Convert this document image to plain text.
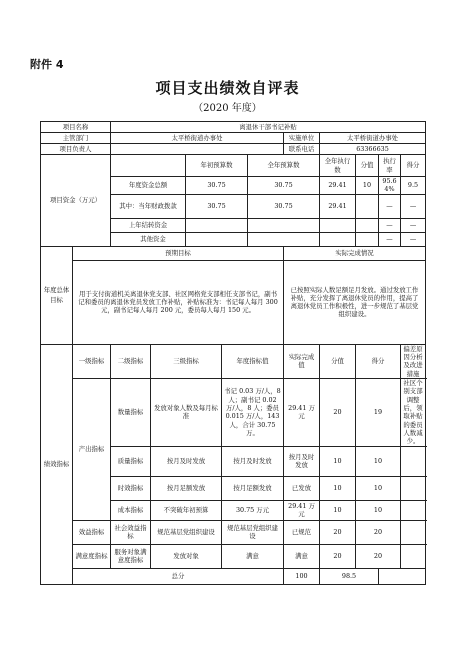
附件 4
项目支出绩效自评表
（2020 年度）
项目名称		离退休干部书记补贴									
主管部门		太平桥街道办事处					实施单位	太平桥街道办事处			
项目负责人							联系电话	63366635			
项目资金（万元）				年初预算数		全年预算数		全年执行数	分值	执行率	得分
		年度资金总额		30.75		30.75		29.41	10	95.64%	9.5
		其中：当年财政拨款		30.75		30.75		29.41		—	—
		上年结转资金								—	—
		其他资金								—	—
年度总体目标	预期目标						实际完成情况				
	用于支付街道机关离退休党支部、社区网格党支部相任支部书记，副书记和委员的离退休党员发放工作补贴，补贴标准为：书记每人每月 300 元，副书记每人每月 200 元，委员每人每月 150 元。						已按照实际人数足额足月发放。通过发放工作补贴，充分发挥了离退休党员的作用，提高了离退休党员工作积极性，进一步规范了基层党组织建设。				
绩效指标	一级指标	二级指标	三级指标		年度指标值		实际完成值	分值	得分		偏差原因分析及改进措施
	产出指标	数量指标	发放对象人数及每月标准		书记 0.03 万/人，8 人；副书记 0.02 万/人，8 人；委员 0.015 万/人，143 人，合计 30.75 万。		29.41 万元	20	19		社区个别支部调整后，领取补贴的委员人数减少。
		质量指标	按月及时发放		按月及时发放		按月及时发放	10	10		
		时效指标	按月足额发放		按月足额发放		已发放	10	10		
		成本指标	不突破年初预算		30.75 万元		29.41 万元	10	10		
	效益指标	社会效益指标	规范基层党组织建设		规范基层党组织建设		已规范	20	20		
	满意度指标	服务对象满意度指标	发放对象		满意		满意	20	20		
	总分						100	98.5			
